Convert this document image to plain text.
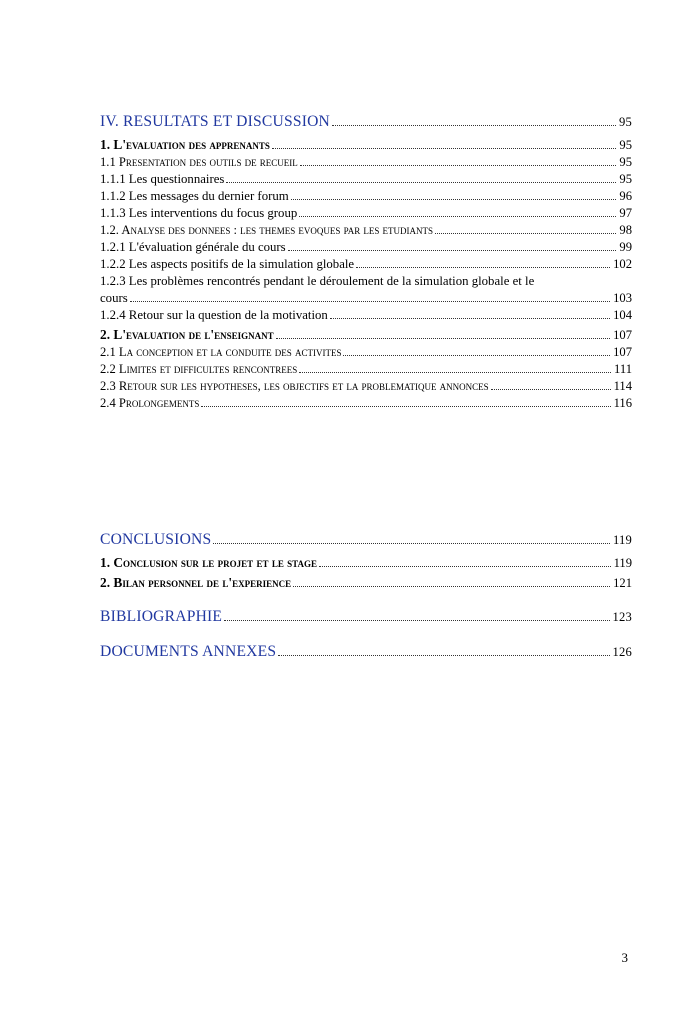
IV. RESULTATS ET DISCUSSION	95
1. L'evaluation des apprenants	95
1.1 Presentation des outils de recueil	95
1.1.1 Les questionnaires	95
1.1.2 Les messages du dernier forum	96
1.1.3 Les interventions du focus group	97
1.2. Analyse des donnees : les themes evoques par les etudiants	98
1.2.1 L'évaluation générale du cours	99
1.2.2 Les aspects positifs de la simulation globale	102
1.2.3 Les problèmes rencontrés pendant le déroulement de la simulation globale et le
cours	103
1.2.4 Retour sur la question de la motivation	104
2. L'evaluation de l'enseignant	107
2.1 La conception et la conduite des activites	107
2.2 Limites et difficultes rencontrees	111
2.3 Retour sur les hypotheses, les objectifs et la problematique annonces	114
2.4 Prolongements	116
CONCLUSIONS	119
1. Conclusion sur le projet et le stage	119
2. Bilan personnel de l'experience	121
BIBLIOGRAPHIE	123
DOCUMENTS ANNEXES	126
3
